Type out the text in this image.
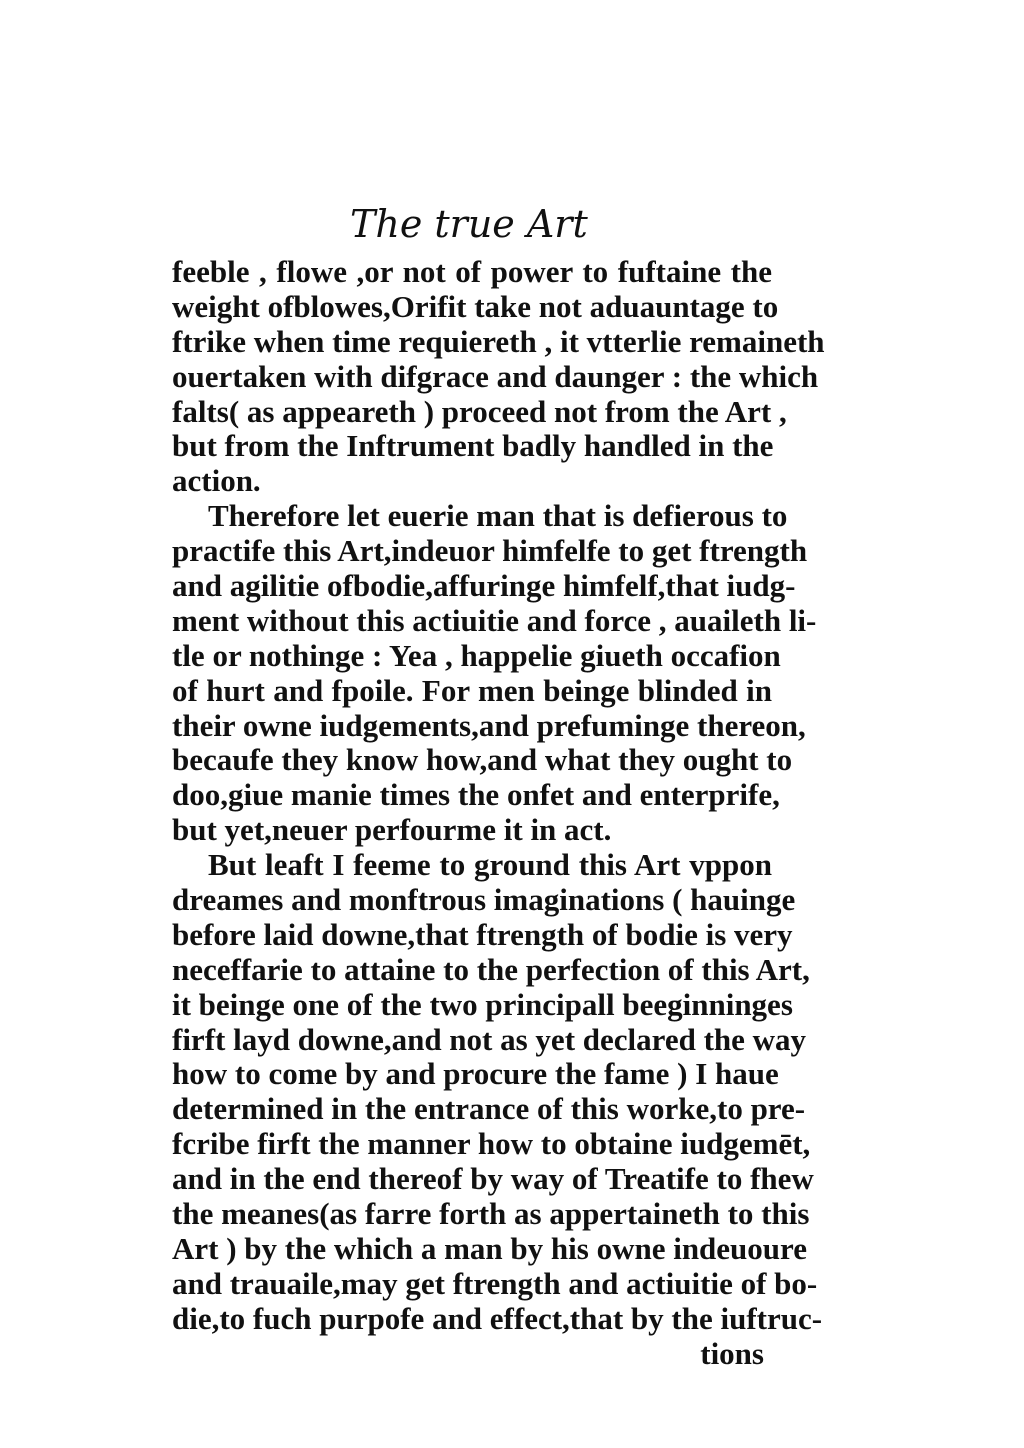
The true Art
feeble , flowe ,or not of power to fuftaine the
weight ofblowes,Orifit take not aduauntage to
ftrike when time requiereth , it vtterlie remaineth
ouertaken with difgrace and daunger : the which
falts( as appeareth ) proceed not from the Art ,
but from the Inftrument badly handled in the
action.
Therefore let euerie man that is defierous to
practife this Art,indeuor himfelfe to get ftrength
and agilitie ofbodie,affuringe himfelf,that iudg-
ment without this actiuitie and force , auaileth li-
tle or nothinge : Yea , happelie giueth occafion
of hurt and fpoile. For men beinge blinded in
their owne iudgements,and prefuminge thereon,
becaufe they know how,and what they ought to
doo,giue manie times the onfet and enterprife,
but yet,neuer perfourme it in act.
But leaft I feeme to ground this Art vppon
dreames and monftrous imaginations ( hauinge
before laid downe,that ftrength of bodie is very
neceffarie to attaine to the perfection of this Art,
it beinge one of the two principall beeginninges
firft layd downe,and not as yet declared the way
how to come by and procure the fame ) I haue
determined in the entrance of this worke,to pre-
fcribe firft the manner how to obtaine iudgemēt,
and in the end thereof by way of Treatife to fhew
the meanes(as farre forth as appertaineth to this
Art ) by the which a man by his owne indeuoure
and trauaile,may get ftrength and actiuitie of bo-
die,to fuch purpofe and effect,that by the iuftruc-
tions
